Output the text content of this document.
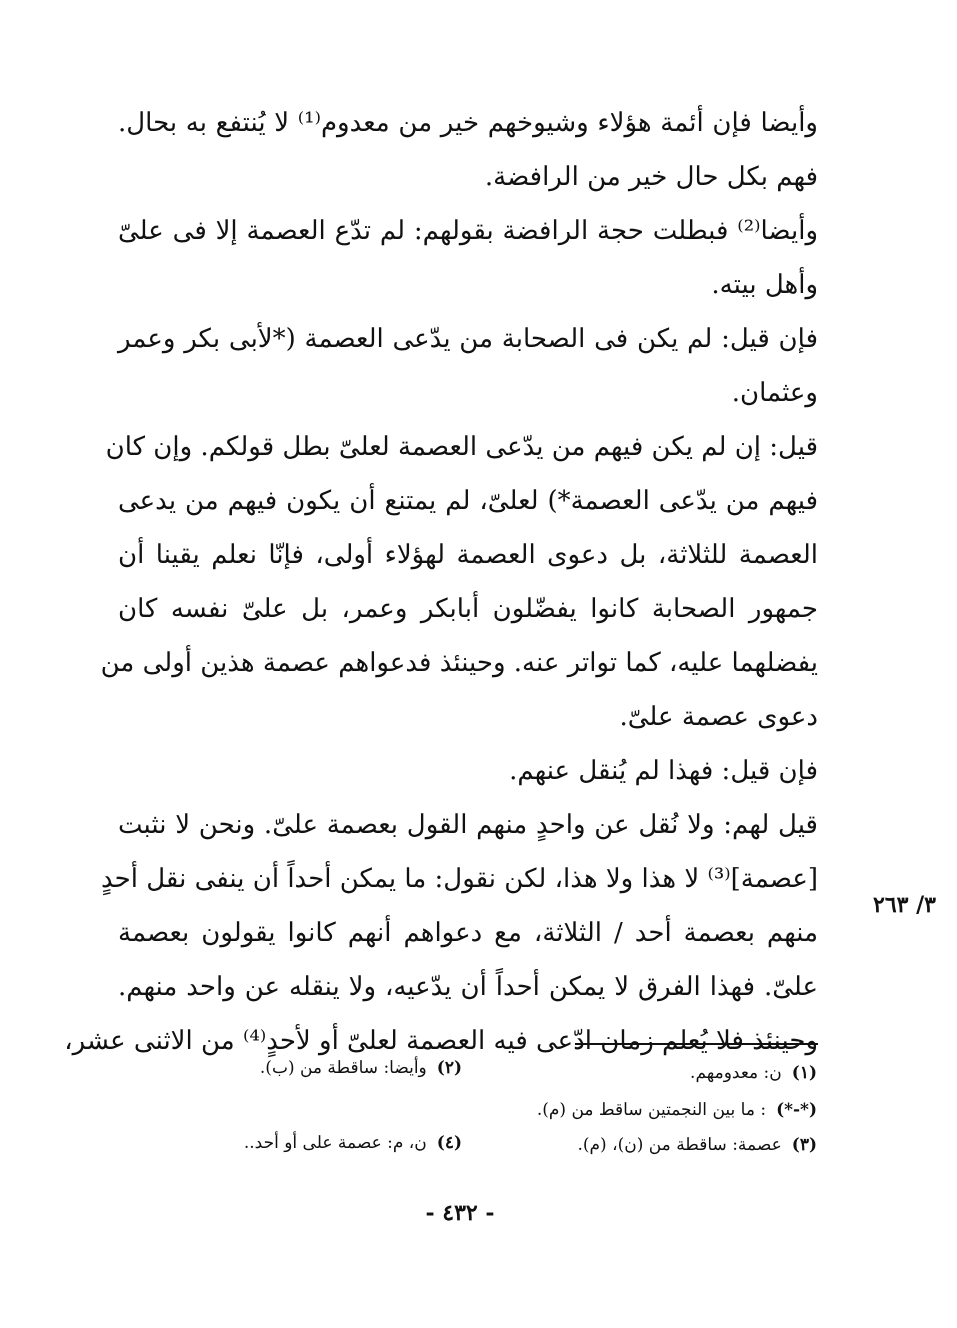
وأيضا فإن أئمة هؤلاء وشيوخهم خير من معدوم⁽¹⁾ لا يُنتفع به بحال.
فهم بكل حال خير من الرافضة.
وأيضا⁽²⁾ فبطلت حجة الرافضة بقولهم: لم تدّع العصمة إلا فى علىّ
وأهل بيته.
فإن قيل: لم يكن فى الصحابة من يدّعى العصمة (*لأبى بكر وعمر
وعثمان.
قيل: إن لم يكن فيهم من يدّعى العصمة لعلىّ بطل قولكم. وإن كان
فيهم من يدّعى العصمة*) لعلىّ، لم يمتنع أن يكون فيهم من يدعى
العصمة للثلاثة، بل دعوى العصمة لهؤلاء أولى، فإنّا نعلم يقينا أن
جمهور الصحابة كانوا يفضّلون أبابكر وعمر، بل علىّ نفسه كان
يفضلهما عليه، كما تواتر عنه. وحينئذ فدعواهم عصمة هذين أولى من
دعوى عصمة علىّ.
فإن قيل: فهذا لم يُنقل عنهم.
قيل لهم: ولا نُقل عن واحدٍ منهم القول بعصمة علىّ. ونحن لا نثبت
[عصمة]⁽³⁾ لا هذا ولا هذا، لكن نقول: ما يمكن أحداً أن ينفى نقل أحدٍ
منهم بعصمة أحد / الثلاثة، مع دعواهم أنهم كانوا يقولون بعصمة
علىّ. فهذا الفرق لا يمكن أحداً أن يدّعيه، ولا ينقله عن واحد منهم.
وحينئذ فلا يُعلم زمان ادّعى فيه العصمة لعلىّ أو لأحدٍ⁽⁴⁾ من الاثنى عشر،
٣/ ٢٦٣
(١)ن: معدومهم.
(٢)وأيضا: ساقطة من (ب).
(*-*): ما بين النجمتين ساقط من (م).
(٣)عصمة: ساقطة من (ن)، (م).
(٤)ن، م: عصمة على أو أحد..
- ٤٣٢ -
